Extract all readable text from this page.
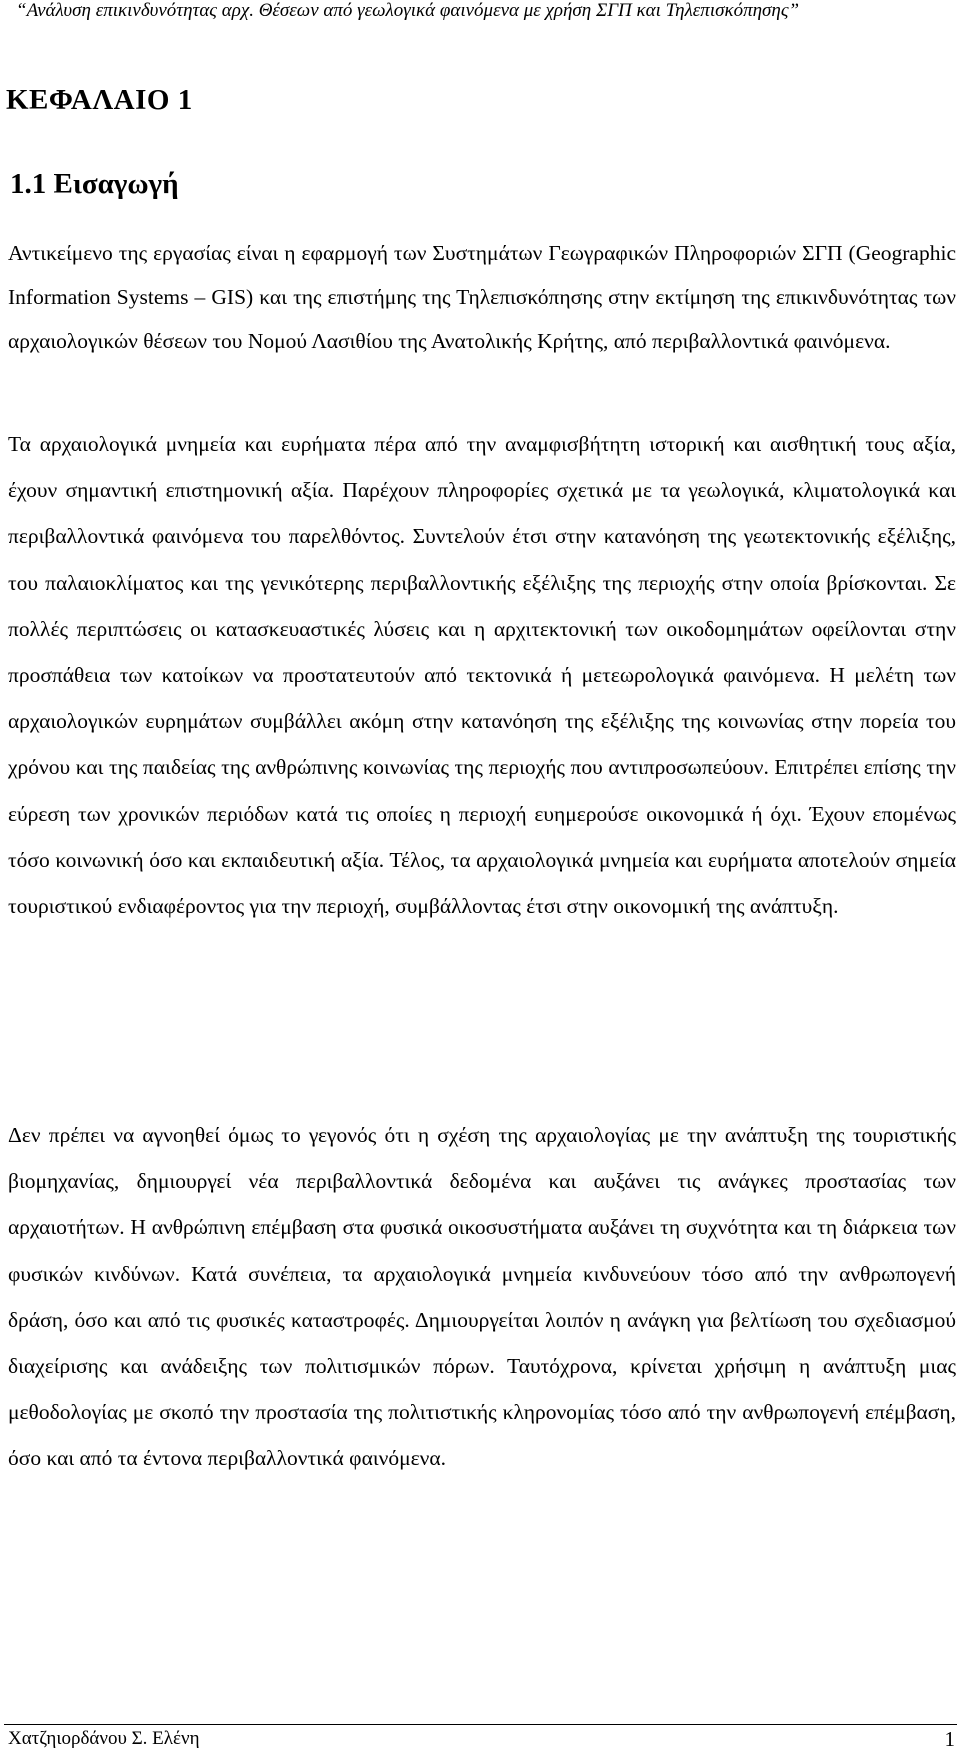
“Ανάλυση επικινδυνότητας αρχ. Θέσεων από γεωλογικά φαινόμενα με χρήση ΣΓΠ και Τηλεπισκόπησης”
ΚΕΦΑΛΑΙΟ 1
1.1 Εισαγωγή

Αντικείμενο της εργασίας είναι η εφαρμογή των Συστημάτων Γεωγραφικών Πληροφοριών ΣΓΠ (Geographic Information Systems – GIS) και της επιστήμης της Τηλεπισκόπησης στην εκτίμηση της επικινδυνότητας των αρχαιολογικών θέσεων του Νομού Λασιθίου της Ανατολικής Κρήτης, από περιβαλλοντικά φαινόμενα.

Τα αρχαιολογικά μνημεία και ευρήματα πέρα από την αναμφισβήτητη ιστορική και αισθητική τους αξία, έχουν σημαντική επιστημονική αξία. Παρέχουν πληροφορίες σχετικά με τα γεωλογικά, κλιματολογικά και περιβαλλοντικά φαινόμενα του παρελθόντος. Συντελούν έτσι στην κατανόηση της γεωτεκτονικής εξέλιξης, του παλαιοκλίματος και της γενικότερης περιβαλλοντικής εξέλιξης της περιοχής στην οποία βρίσκονται. Σε πολλές περιπτώσεις οι κατασκευαστικές λύσεις και η αρχιτεκτονική των οικοδομημάτων οφείλονται στην προσπάθεια των κατοίκων να προστατευτούν από τεκτονικά ή μετεωρολογικά φαινόμενα. Η μελέτη των αρχαιολογικών ευρημάτων συμβάλλει ακόμη στην κατανόηση της εξέλιξης της κοινωνίας στην πορεία του χρόνου και της παιδείας της ανθρώπινης κοινωνίας της περιοχής που αντιπροσωπεύουν. Επιτρέπει επίσης την εύρεση των χρονικών περιόδων κατά τις οποίες η περιοχή ευημερούσε οικονομικά ή όχι. Έχουν επομένως τόσο κοινωνική όσο και εκπαιδευτική αξία. Τέλος, τα αρχαιολογικά μνημεία και ευρήματα αποτελούν σημεία τουριστικού ενδιαφέροντος για την περιοχή, συμβάλλοντας έτσι στην οικονομική της ανάπτυξη.

Δεν πρέπει να αγνοηθεί όμως το γεγονός ότι η σχέση της αρχαιολογίας με την ανάπτυξη της τουριστικής βιομηχανίας, δημιουργεί νέα περιβαλλοντικά δεδομένα και αυξάνει τις ανάγκες προστασίας των αρχαιοτήτων. Η ανθρώπινη επέμβαση στα φυσικά οικοσυστήματα αυξάνει τη συχνότητα και τη διάρκεια των φυσικών κινδύνων. Κατά συνέπεια, τα αρχαιολογικά μνημεία κινδυνεύουν τόσο από την ανθρωπογενή δράση, όσο και από τις φυσικές καταστροφές. Δημιουργείται λοιπόν η ανάγκη για βελτίωση του σχεδιασμού διαχείρισης και ανάδειξης των πολιτισμικών πόρων. Ταυτόχρονα, κρίνεται χρήσιμη η ανάπτυξη μιας μεθοδολογίας με σκοπό την προστασία της πολιτιστικής κληρονομίας τόσο από την ανθρωπογενή επέμβαση, όσο και από τα έντονα περιβαλλοντικά φαινόμενα.

Χατζηιορδάνου Σ. Ελένη	1
